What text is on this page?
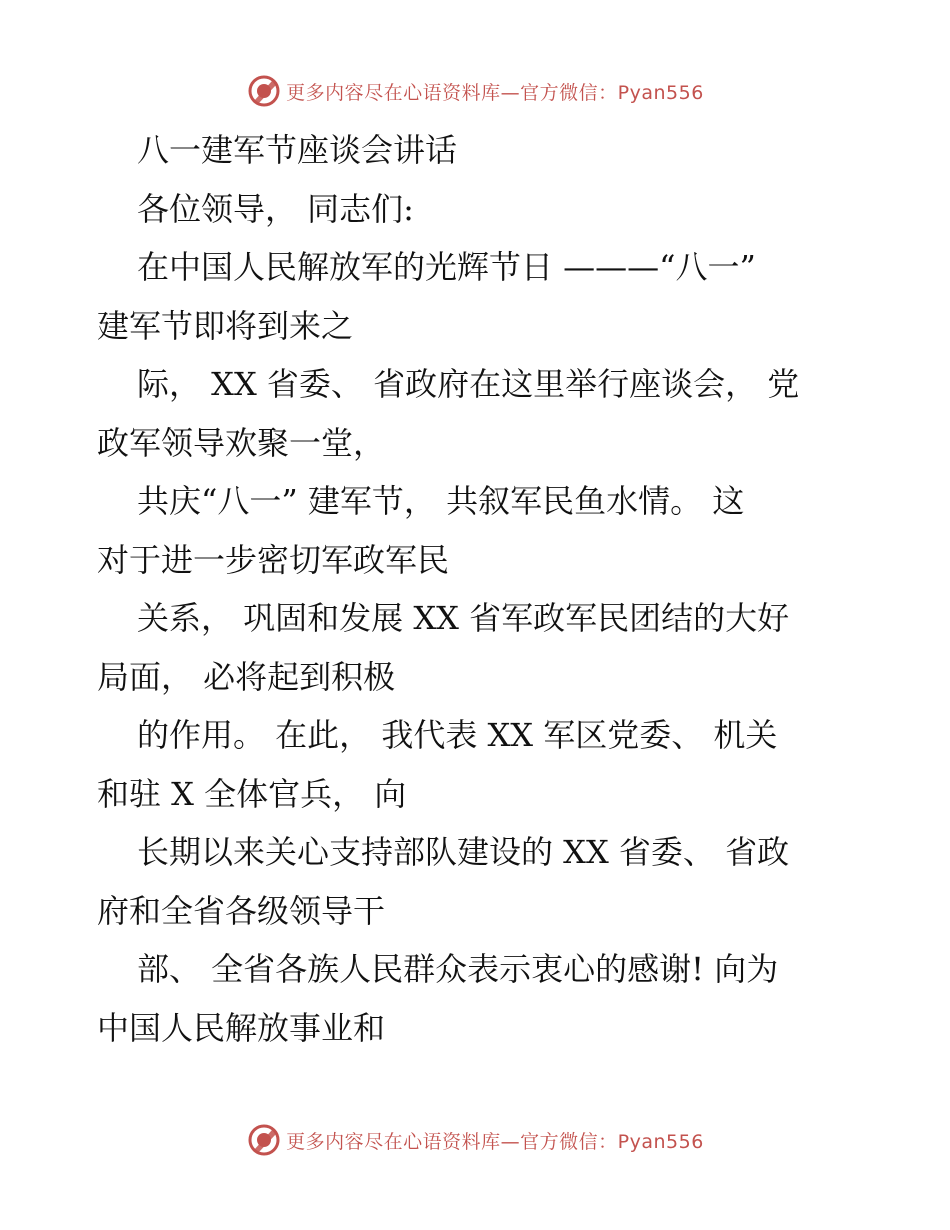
更多内容尽在心语资料库—官方微信：Pyan556
八一建军节座谈会讲话
各位领导， 同志们:
在中国人民解放军的光辉节日 ———“八一”
建军节即将到来之
际， XX 省委、 省政府在这里举行座谈会， 党
政军领导欢聚一堂，
共庆“八一” 建军节， 共叙军民鱼水情。 这
对于进一步密切军政军民
关系， 巩固和发展 XX 省军政军民团结的大好
局面， 必将起到积极
的作用。 在此， 我代表 XX 军区党委、 机关
和驻 X 全体官兵， 向
长期以来关心支持部队建设的 XX 省委、 省政
府和全省各级领导干
部、 全省各族人民群众表示衷心的感谢! 向为
中国人民解放事业和
更多内容尽在心语资料库—官方微信：Pyan556
